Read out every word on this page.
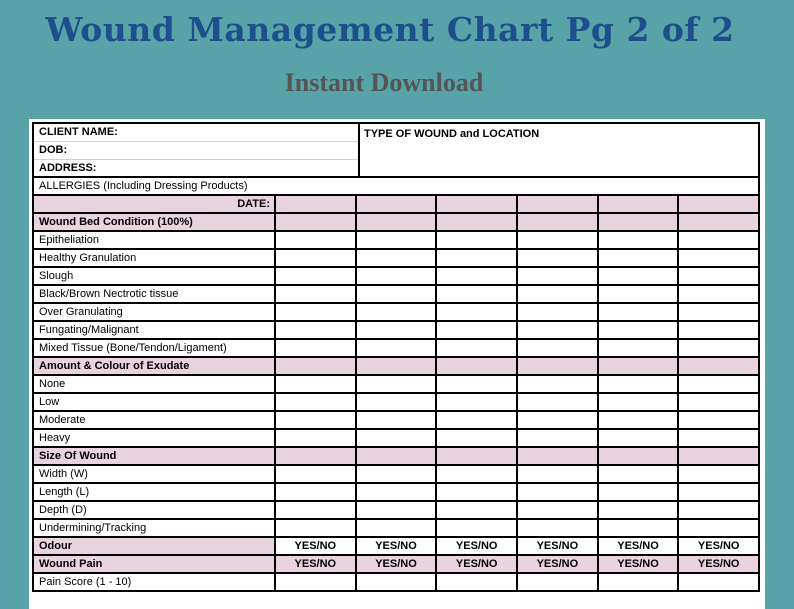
Wound Management Chart Pg 2 of 2
Instant Download
CLIENT NAME:
DOB:
ADDRESS:
TYPE OF WOUND and LOCATION
ALLERGIES (Including Dressing Products)
DATE:
Wound Bed Condition (100%)
Epitheliation
Healthy Granulation
Slough
Black/Brown Nectrotic tissue
Over Granulating
Fungating/Malignant
Mixed Tissue (Bone/Tendon/Ligament)
Amount & Colour of Exudate
None
Low
Moderate
Heavy
Size Of Wound
Width (W)
Length (L)
Depth (D)
Undermining/Tracking
Odour	YES/NO	YES/NO	YES/NO	YES/NO	YES/NO	YES/NO
Wound Pain	YES/NO	YES/NO	YES/NO	YES/NO	YES/NO	YES/NO
Pain Score (1 - 10)
